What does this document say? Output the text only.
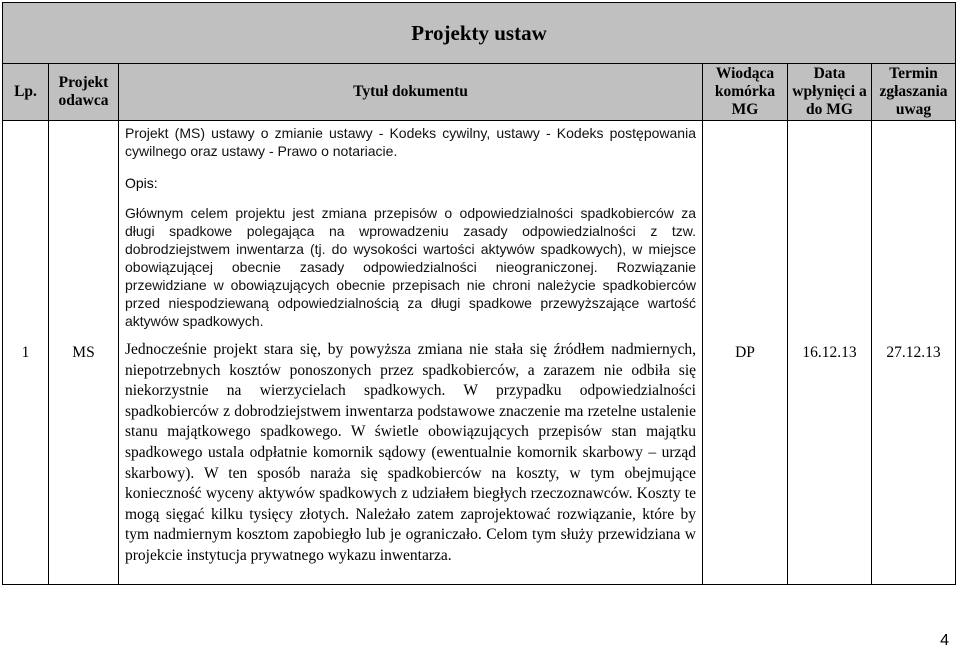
Projekty ustaw					
Lp.	Projekt odawca	Tytuł dokumentu	Wiodąca komórka MG	Data wpłynięci a do MG	Termin zgłaszania uwag
1	MS	Projekt (MS) ustawy o zmianie ustawy - Kodeks cywilny, ustawy - Kodeks postępowania cywilnego oraz ustawy - Prawo o notariacie.

Opis:

Głównym celem projektu jest zmiana przepisów o odpowiedzialności spadkobierców za długi spadkowe polegająca na wprowadzeniu zasady odpowiedzialności z tzw. dobrodziejstwem inwentarza (tj. do wysokości wartości aktywów spadkowych), w miejsce obowiązującej obecnie zasady odpowiedzialności nieograniczonej. Rozwiązanie przewidziane w obowiązujących obecnie przepisach nie chroni należycie spadkobierców przed niespodziewaną odpowiedzialnością za długi spadkowe przewyższające wartość aktywów spadkowych.

Jednocześnie projekt stara się, by powyższa zmiana nie stała się źródłem nadmiernych, niepotrzebnych kosztów ponoszonych przez spadkobierców, a zarazem nie odbiła się niekorzystnie na wierzycielach spadkowych. W przypadku odpowiedzialności spadkobierców z dobrodziejstwem inwentarza podstawowe znaczenie ma rzetelne ustalenie stanu majątkowego spadkowego. W świetle obowiązujących przepisów stan majątku spadkowego ustala odpłatnie komornik sądowy (ewentualnie komornik skarbowy – urząd skarbowy). W ten sposób naraża się spadkobierców na koszty, w tym obejmujące konieczność wyceny aktywów spadkowych z udziałem biegłych rzeczoznawców. Koszty te mogą sięgać kilku tysięcy złotych. Należało zatem zaprojektować rozwiązanie, które by tym nadmiernym kosztom zapobiegło lub je ograniczało. Celom tym służy przewidziana w projekcie instytucja prywatnego wykazu inwentarza.	DP	16.12.13	27.12.13
4
